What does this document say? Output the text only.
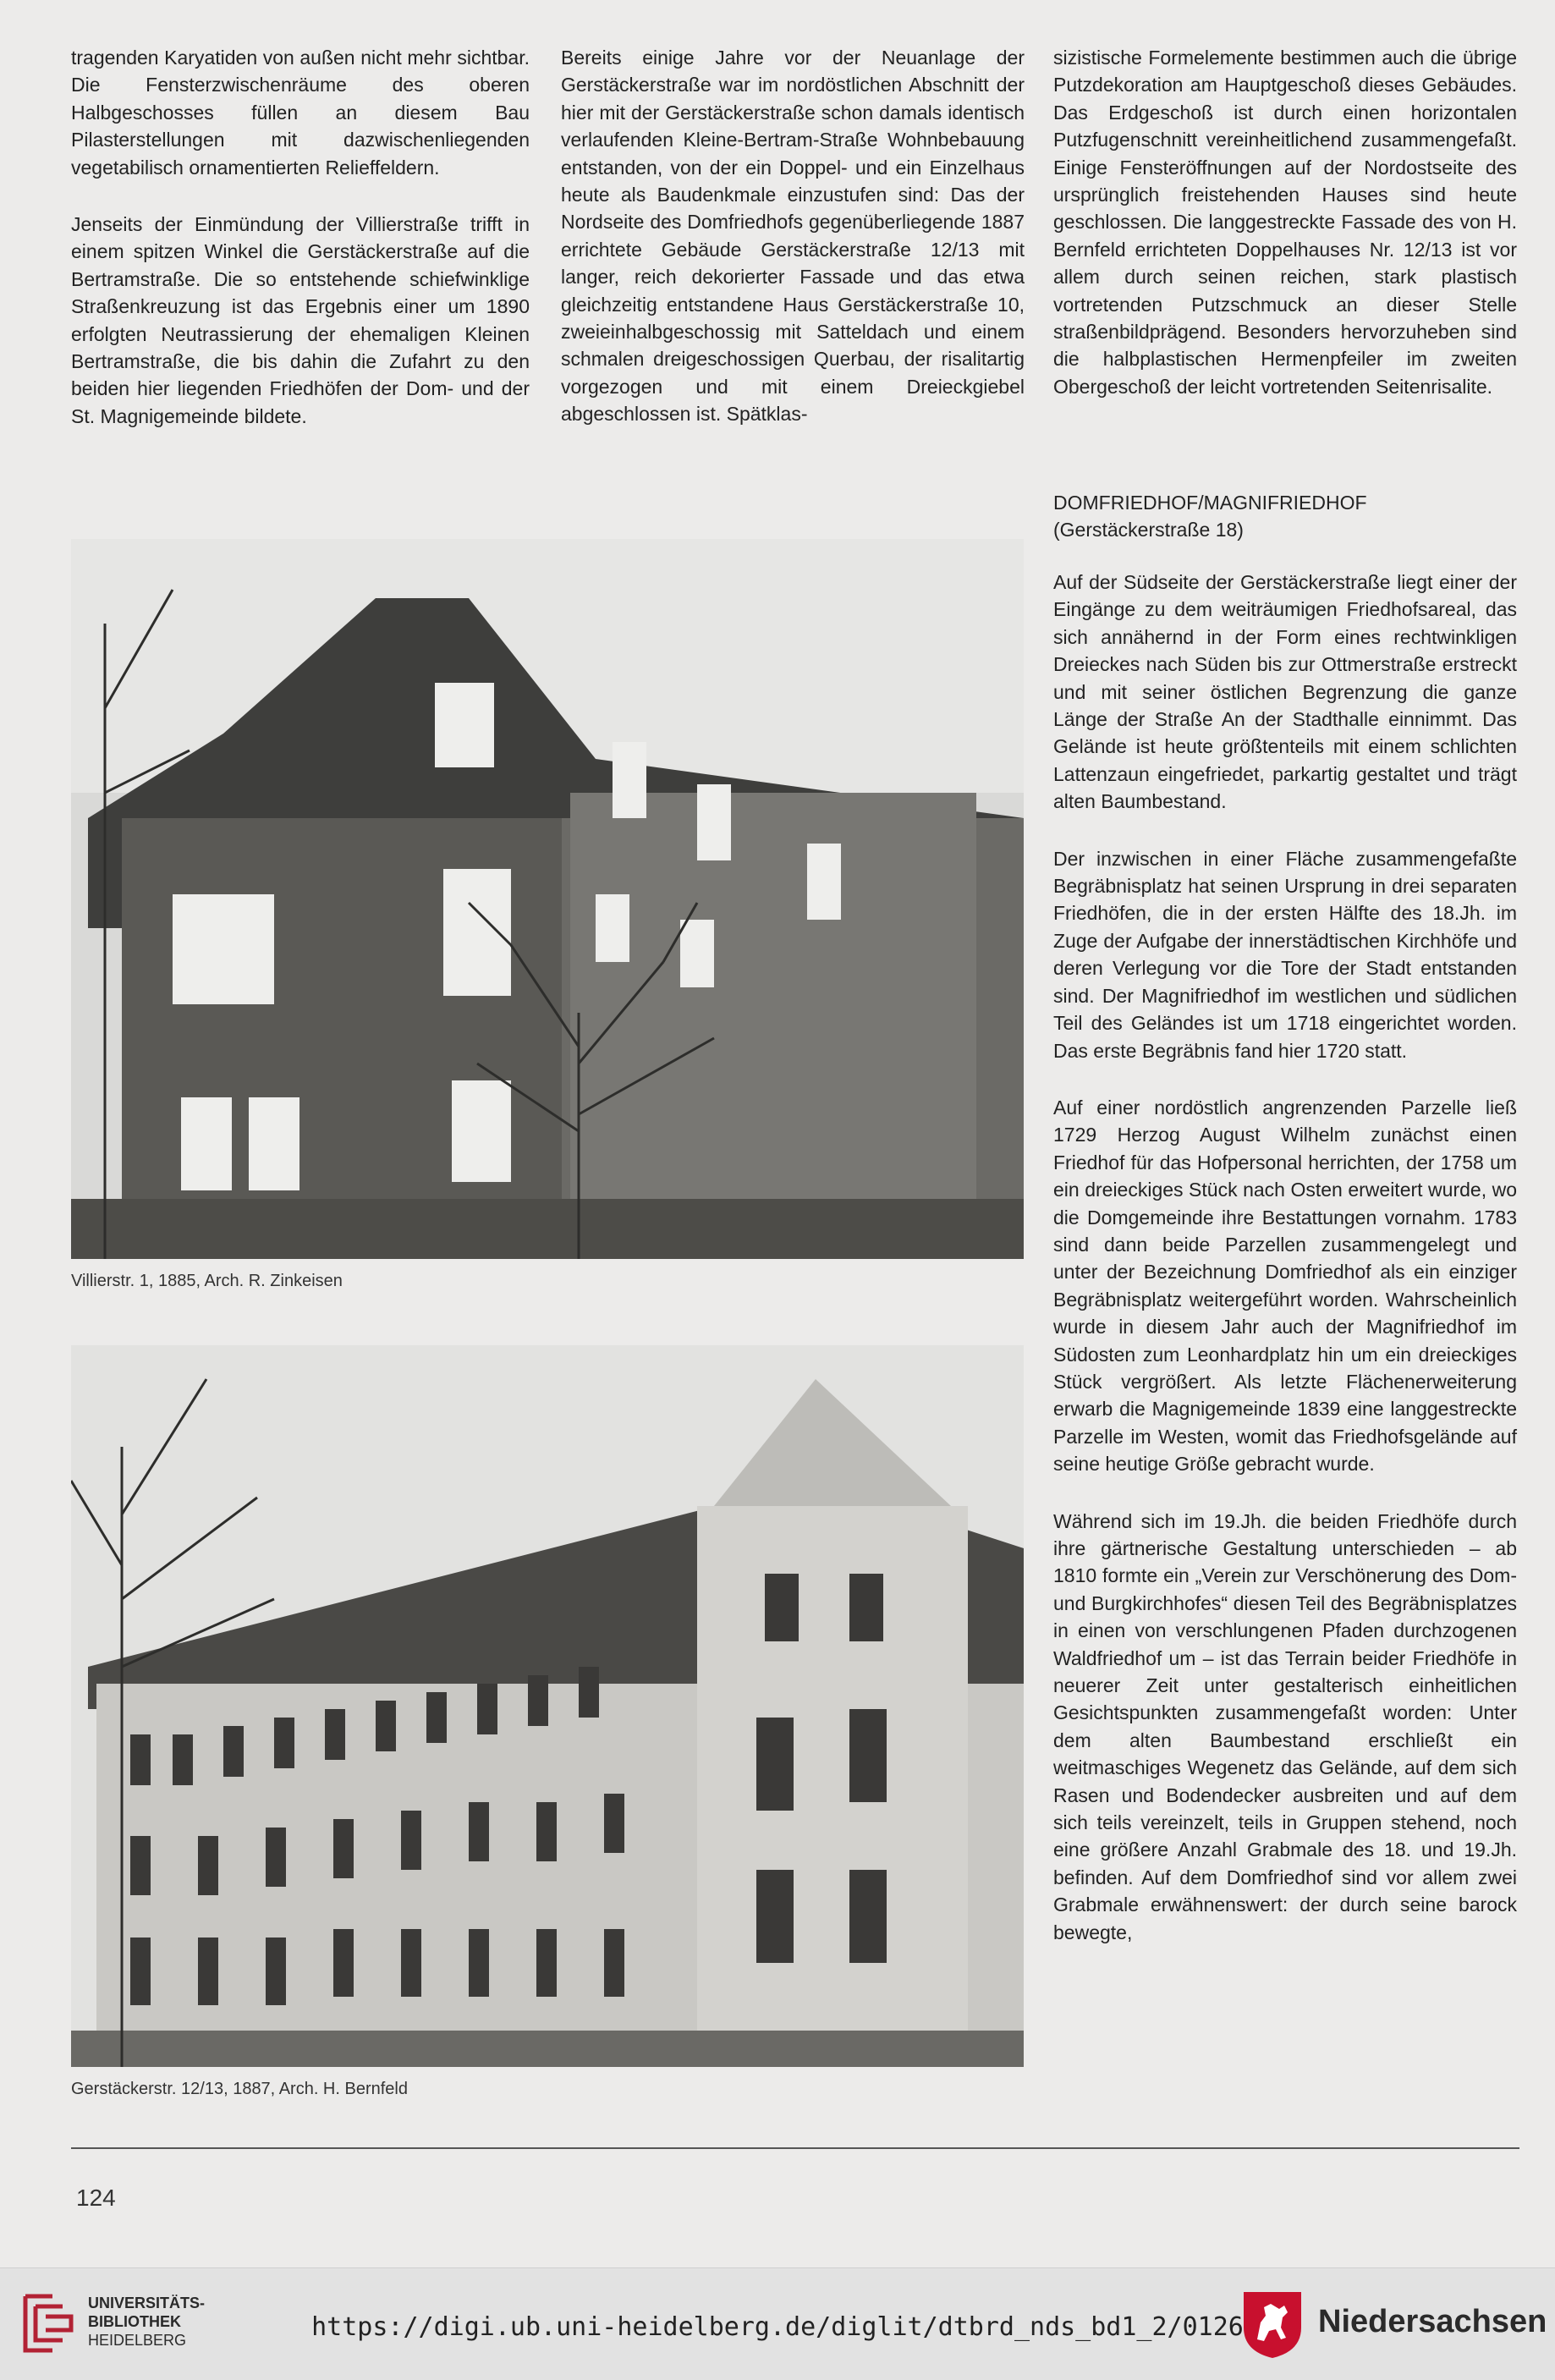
tragenden Karyatiden von außen nicht mehr sichtbar. Die Fensterzwischenräume des oberen Halbgeschosses füllen an diesem Bau Pilasterstellungen mit dazwischenliegenden vegetabilisch ornamentierten Relieffeldern.

Jenseits der Einmündung der Villierstraße trifft in einem spitzen Winkel die Gerstäckerstraße auf die Bertramstraße. Die so entstehende schiefwinklige Straßenkreuzung ist das Ergebnis einer um 1890 erfolgten Neutrassierung der ehemaligen Kleinen Bertramstraße, die bis dahin die Zufahrt zu den beiden hier liegenden Friedhöfen der Dom- und der St. Magnigemeinde bildete.

Bereits einige Jahre vor der Neuanlage der Gerstäckerstraße war im nordöstlichen Abschnitt der hier mit der Gerstäckerstraße schon damals identisch verlaufenden Kleine-Bertram-Straße Wohnbebauung entstanden, von der ein Doppel- und ein Einzelhaus heute als Baudenkmale einzustufen sind: Das der Nordseite des Domfriedhofs gegenüberliegende 1887 errichtete Gebäude Gerstäckerstraße 12/13 mit langer, reich dekorierter Fassade und das etwa gleichzeitig entstandene Haus Gerstäckerstraße 10, zweieinhalbgeschossig mit Satteldach und einem schmalen dreigeschossigen Querbau, der risalitartig vorgezogen und mit einem Dreieckgiebel abgeschlossen ist. Spätklas-

sizistische Formelemente bestimmen auch die übrige Putzdekoration am Hauptgeschoß dieses Gebäudes. Das Erdgeschoß ist durch einen horizontalen Putzfugenschnitt vereinheitlichend zusammengefaßt. Einige Fensteröffnungen auf der Nordostseite des ursprünglich freistehenden Hauses sind heute geschlossen. Die langgestreckte Fassade des von H. Bernfeld errichteten Doppelhauses Nr. 12/13 ist vor allem durch seinen reichen, stark plastisch vortretenden Putzschmuck an dieser Stelle straßenbildprägend. Besonders hervorzuheben sind die halbplastischen Hermenpfeiler im zweiten Obergeschoß der leicht vortretenden Seitenrisalite.

DOMFRIEDHOF/MAGNIFRIEDHOF
(Gerstäckerstraße 18)

Auf der Südseite der Gerstäckerstraße liegt einer der Eingänge zu dem weiträumigen Friedhofsareal, das sich annähernd in der Form eines rechtwinkligen Dreieckes nach Süden bis zur Ottmerstraße erstreckt und mit seiner östlichen Begrenzung die ganze Länge der Straße An der Stadthalle einnimmt. Das Gelände ist heute größtenteils mit einem schlichten Lattenzaun eingefriedet, parkartig gestaltet und trägt alten Baumbestand.

Der inzwischen in einer Fläche zusammengefaßte Begräbnisplatz hat seinen Ursprung in drei separaten Friedhöfen, die in der ersten Hälfte des 18.Jh. im Zuge der Aufgabe der innerstädtischen Kirchhöfe und deren Verlegung vor die Tore der Stadt entstanden sind. Der Magnifriedhof im westlichen und südlichen Teil des Geländes ist um 1718 eingerichtet worden. Das erste Begräbnis fand hier 1720 statt.

Auf einer nordöstlich angrenzenden Parzelle ließ 1729 Herzog August Wilhelm zunächst einen Friedhof für das Hofpersonal herrichten, der 1758 um ein dreieckiges Stück nach Osten erweitert wurde, wo die Domgemeinde ihre Bestattungen vornahm. 1783 sind dann beide Parzellen zusammengelegt und unter der Bezeichnung Domfriedhof als ein einziger Begräbnisplatz weitergeführt worden. Wahrscheinlich wurde in diesem Jahr auch der Magnifriedhof im Südosten zum Leonhardplatz hin um ein dreieckiges Stück vergrößert. Als letzte Flächenerweiterung erwarb die Magnigemeinde 1839 eine langgestreckte Parzelle im Westen, womit das Friedhofsgelände auf seine heutige Größe gebracht wurde.

Während sich im 19.Jh. die beiden Friedhöfe durch ihre gärtnerische Gestaltung unterschieden – ab 1810 formte ein „Verein zur Verschönerung des Dom- und Burgkirchhofes“ diesen Teil des Begräbnisplatzes in einen von verschlungenen Pfaden durchzogenen Waldfriedhof um – ist das Terrain beider Friedhöfe in neuerer Zeit unter gestalterisch einheitlichen Gesichtspunkten zusammengefaßt worden: Unter dem alten Baumbestand erschließt ein weitmaschiges Wegenetz das Gelände, auf dem sich Rasen und Bodendecker ausbreiten und auf dem sich teils vereinzelt, teils in Gruppen stehend, noch eine größere Anzahl Grabmale des 18. und 19.Jh. befinden. Auf dem Domfriedhof sind vor allem zwei Grabmale erwähnenswert: der durch seine barock bewegte,

Villierstr. 1, 1885, Arch. R. Zinkeisen
Gerstäckerstr. 12/13, 1887, Arch. H. Bernfeld
124
UNIVERSITÄTS-
BIBLIOTHEK
HEIDELBERG	https://digi.ub.uni-heidelberg.de/diglit/dtbrd_nds_bd1_2/0126	Niedersachsen
